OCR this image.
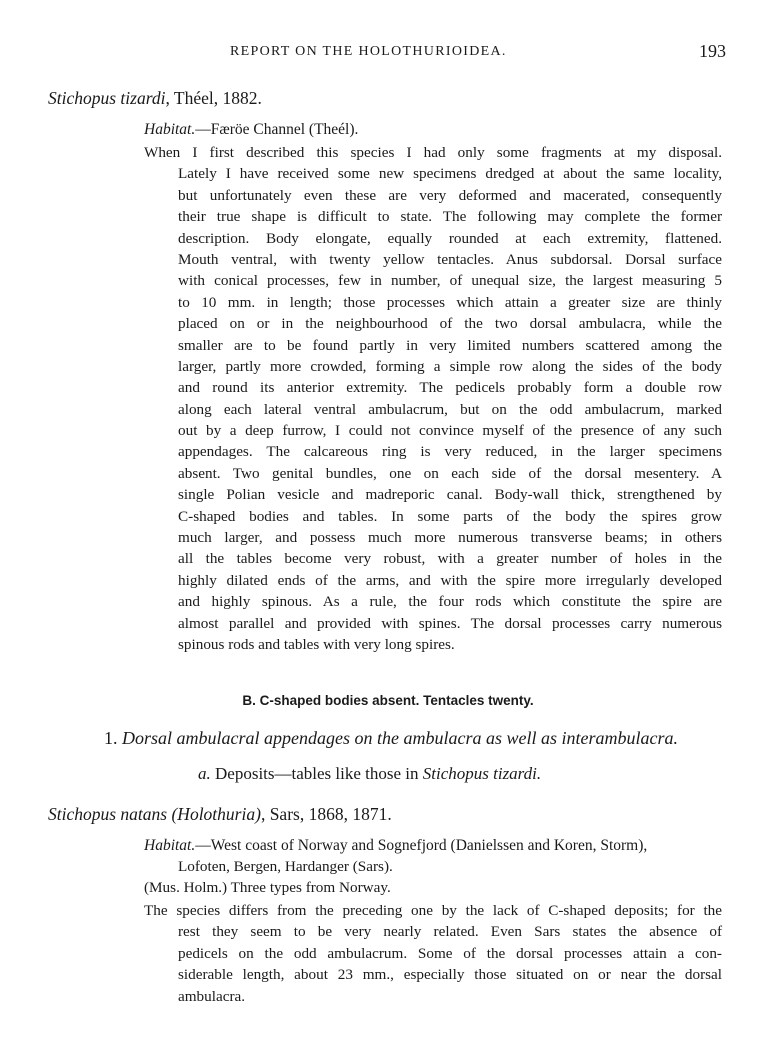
REPORT ON THE HOLOTHURIOIDEA.	193
Stichopus tizardi, Théel, 1882.
Habitat.—Færöe Channel (Theél).
When I first described this species I had only some fragments at my disposal.
Lately I have received some new specimens dredged at about the same locality,
but unfortunately even these are very deformed and macerated, consequently
their true shape is difficult to state. The following may complete the former
description. Body elongate, equally rounded at each extremity, flattened.
Mouth ventral, with twenty yellow tentacles. Anus subdorsal. Dorsal surface
with conical processes, few in number, of unequal size, the largest measuring 5
to 10 mm. in length; those processes which attain a greater size are thinly
placed on or in the neighbourhood of the two dorsal ambulacra, while the
smaller are to be found partly in very limited numbers scattered among the
larger, partly more crowded, forming a simple row along the sides of the body
and round its anterior extremity. The pedicels probably form a double row
along each lateral ventral ambulacrum, but on the odd ambulacrum, marked
out by a deep furrow, I could not convince myself of the presence of any such
appendages. The calcareous ring is very reduced, in the larger specimens
absent. Two genital bundles, one on each side of the dorsal mesentery. A
single Polian vesicle and madreporic canal. Body-wall thick, strengthened by
C-shaped bodies and tables. In some parts of the body the spires grow
much larger, and possess much more numerous transverse beams; in others
all the tables become very robust, with a greater number of holes in the
highly dilated ends of the arms, and with the spire more irregularly developed
and highly spinous. As a rule, the four rods which constitute the spire are
almost parallel and provided with spines. The dorsal processes carry numerous
spinous rods and tables with very long spires.
B. C-shaped bodies absent. Tentacles twenty.
1. Dorsal ambulacral appendages on the ambulacra as well as interambulacra.
a. Deposits—tables like those in Stichopus tizardi.
Stichopus natans (Holothuria), Sars, 1868, 1871.
Habitat.—West coast of Norway and Sognefjord (Danielssen and Koren, Storm),
Lofoten, Bergen, Hardanger (Sars).
(Mus. Holm.) Three types from Norway.
The species differs from the preceding one by the lack of C-shaped deposits; for the
rest they seem to be very nearly related. Even Sars states the absence of
pedicels on the odd ambulacrum. Some of the dorsal processes attain a con-
siderable length, about 23 mm., especially those situated on or near the dorsal
ambulacra.
